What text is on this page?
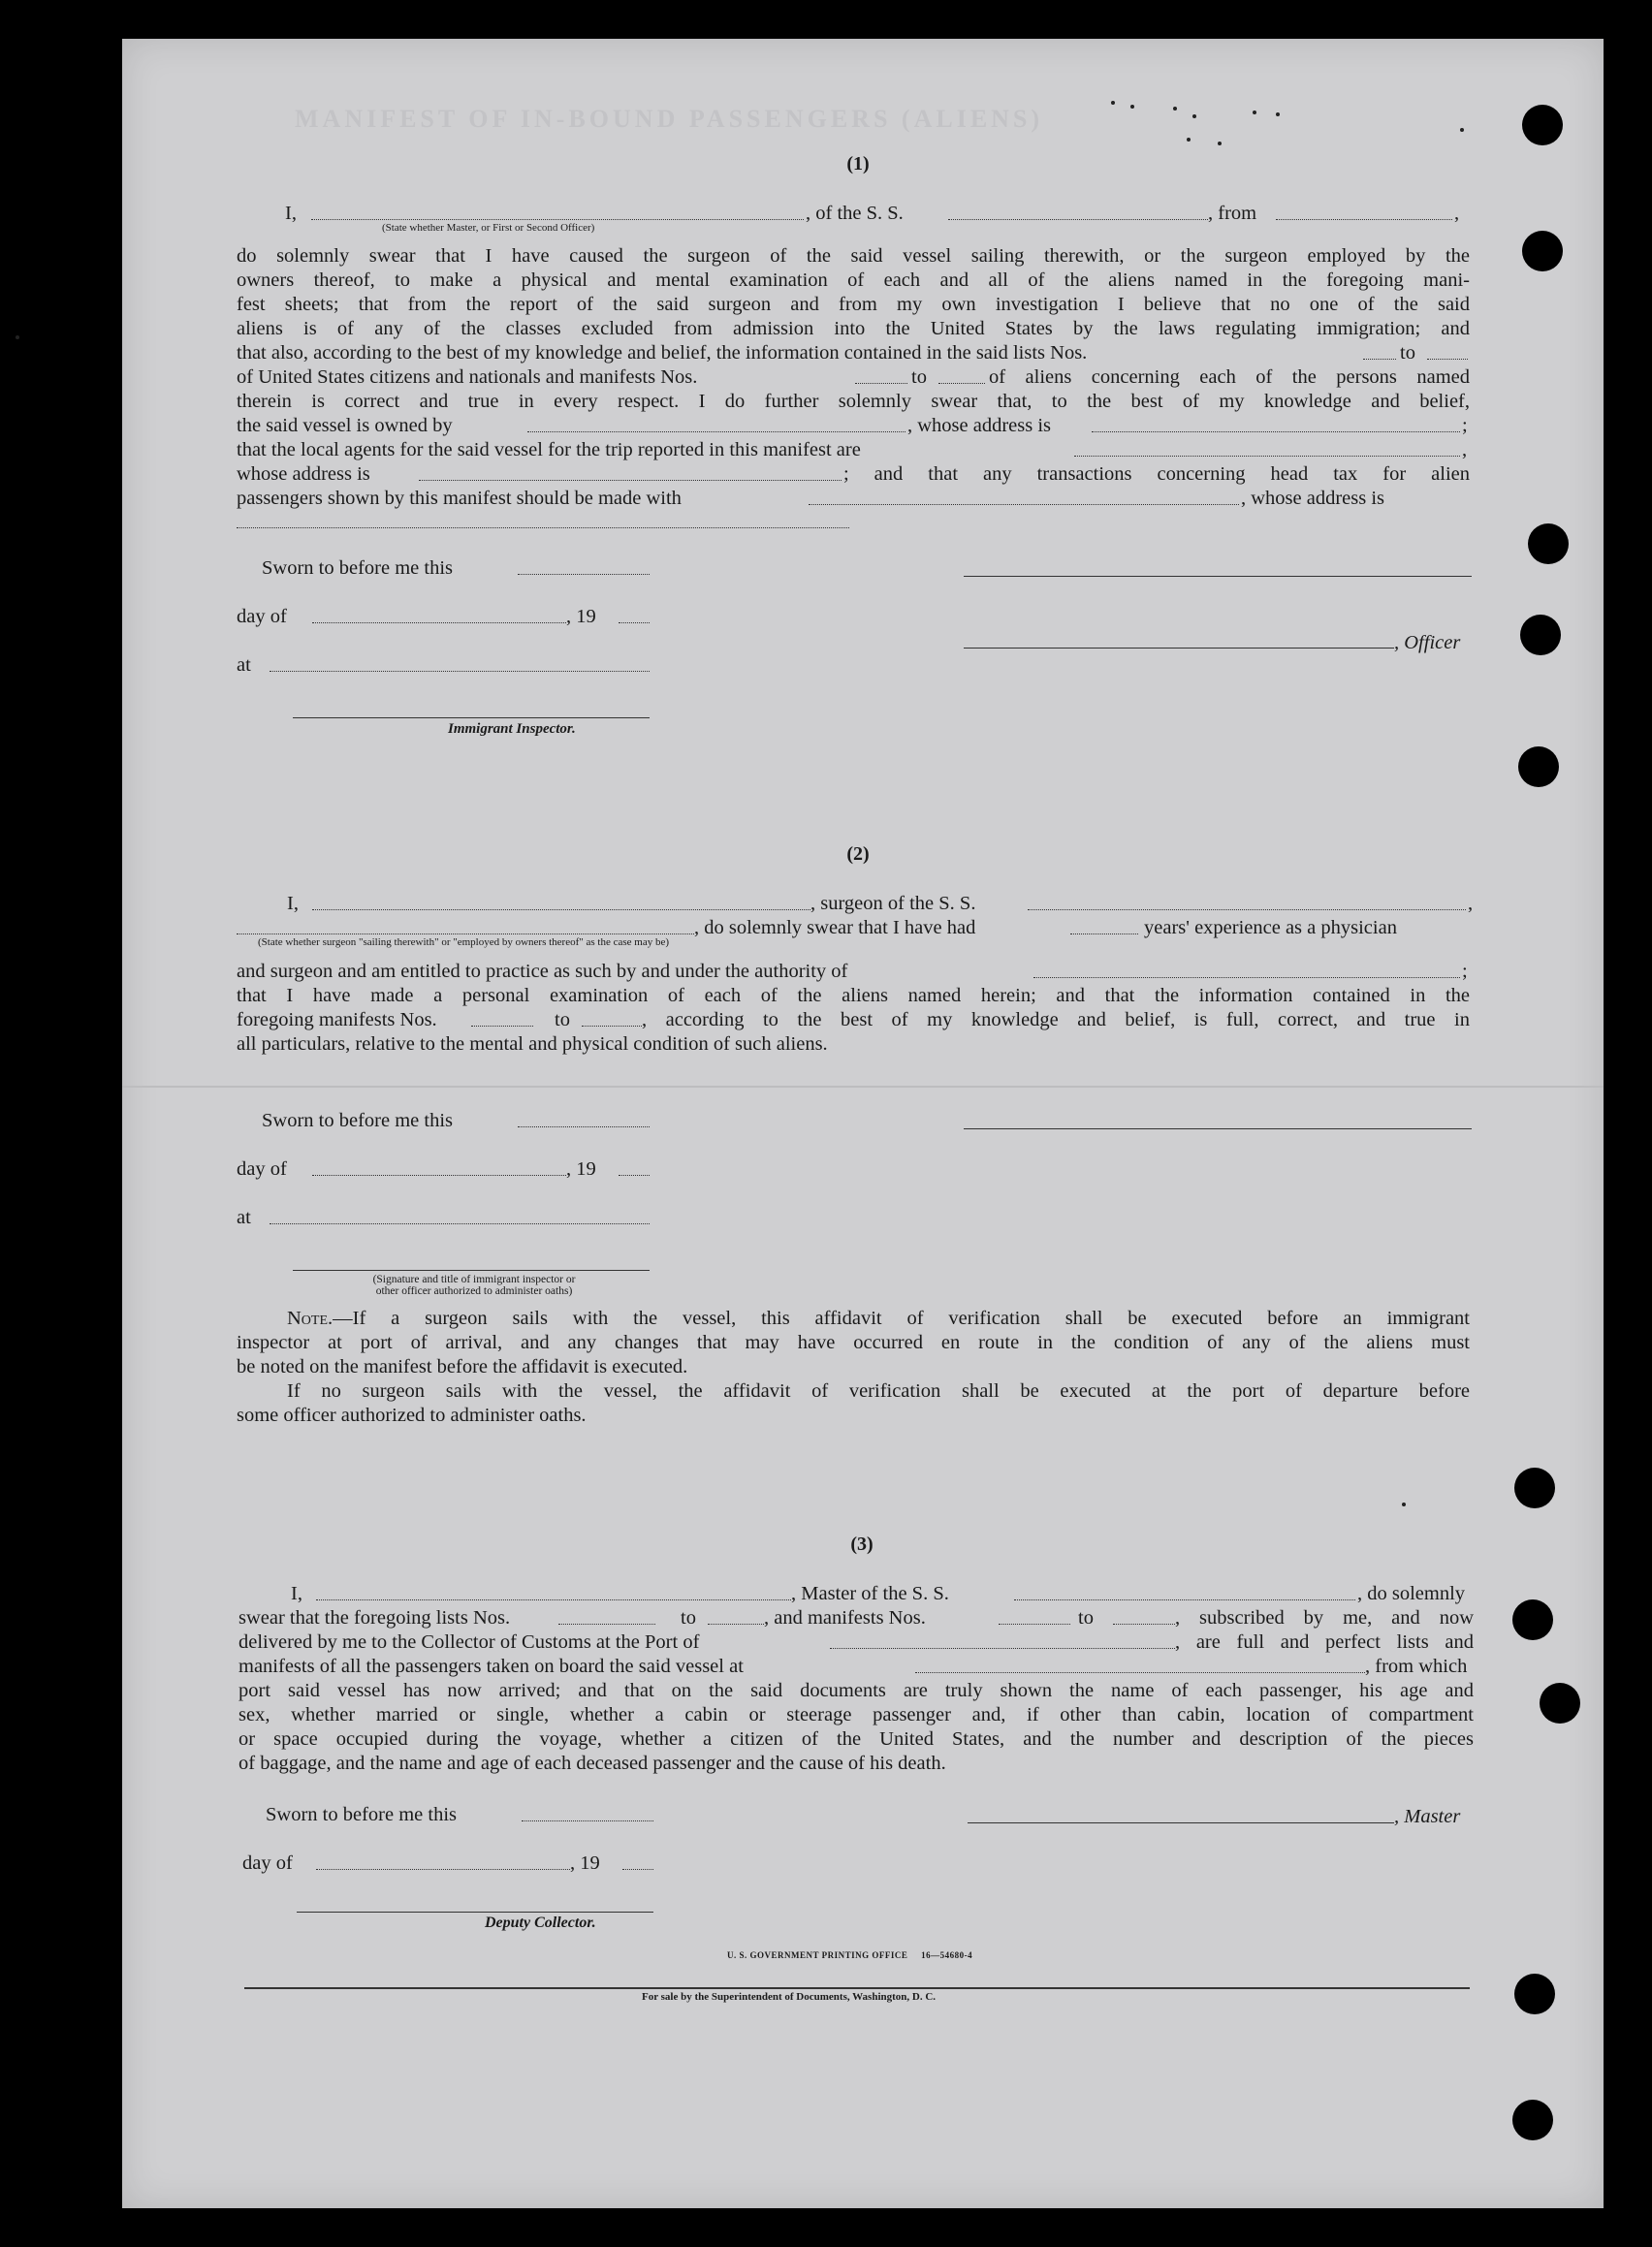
MANIFEST OF IN-BOUND PASSENGERS (ALIENS)
(1)
I,	, of the S. S.	, from	,
(State whether Master, or First or Second Officer)
do solemnly swear that I have caused the surgeon of the said vessel sailing therewith, or the surgeon employed by the
owners thereof, to make a physical and mental examination of each and all of the aliens named in the foregoing mani-
fest sheets; that from the report of the said surgeon and from my own investigation I believe that no one of the said
aliens is of any of the classes excluded from admission into the United States by the laws regulating immigration; and
that also, according to the best of my knowledge and belief, the information contained in the said lists Nos.	to
of United States citizens and nationals and manifests Nos.	to	of aliens concerning each of the persons named
therein is correct and true in every respect. I do further solemnly swear that, to the best of my knowledge and belief,
the said vessel is owned by	, whose address is	;
that the local agents for the said vessel for the trip reported in this manifest are	,
whose address is	; and that any transactions concerning head tax for alien
passengers shown by this manifest should be made with	, whose address is
Sworn to before me this
day of	, 19
, Officer
at
Immigrant Inspector.
(2)
I,	, surgeon of the S. S.	,
, do solemnly swear that I have had	years' experience as a physician
(State whether surgeon "sailing therewith" or "employed by owners thereof" as the case may be)
and surgeon and am entitled to practice as such by and under the authority of	;
that I have made a personal examination of each of the aliens named herein; and that the information contained in the
foregoing manifests Nos.	to	, according to the best of my knowledge and belief, is full, correct, and true in
all particulars, relative to the mental and physical condition of such aliens.
Sworn to before me this
day of	, 19
at
(Signature and title of immigrant inspector or
other officer authorized to administer oaths)
Note.—If a surgeon sails with the vessel, this affidavit of verification shall be executed before an immigrant
inspector at port of arrival, and any changes that may have occurred en route in the condition of any of the aliens must
be noted on the manifest before the affidavit is executed.
If no surgeon sails with the vessel, the affidavit of verification shall be executed at the port of departure before
some officer authorized to administer oaths.
(3)
I,	, Master of the S. S.	, do solemnly
swear that the foregoing lists Nos.	to	, and manifests Nos.	to	, subscribed by me, and now
delivered by me to the Collector of Customs at the Port of	, are full and perfect lists and
manifests of all the passengers taken on board the said vessel at	, from which
port said vessel has now arrived; and that on the said documents are truly shown the name of each passenger, his age and
sex, whether married or single, whether a cabin or steerage passenger and, if other than cabin, location of compartment
or space occupied during the voyage, whether a citizen of the United States, and the number and description of the pieces
of baggage, and the name and age of each deceased passenger and the cause of his death.
Sworn to before me this	, Master
day of	, 19
Deputy Collector.
U. S. GOVERNMENT PRINTING OFFICE     16—54680-4
For sale by the Superintendent of Documents, Washington, D. C.
